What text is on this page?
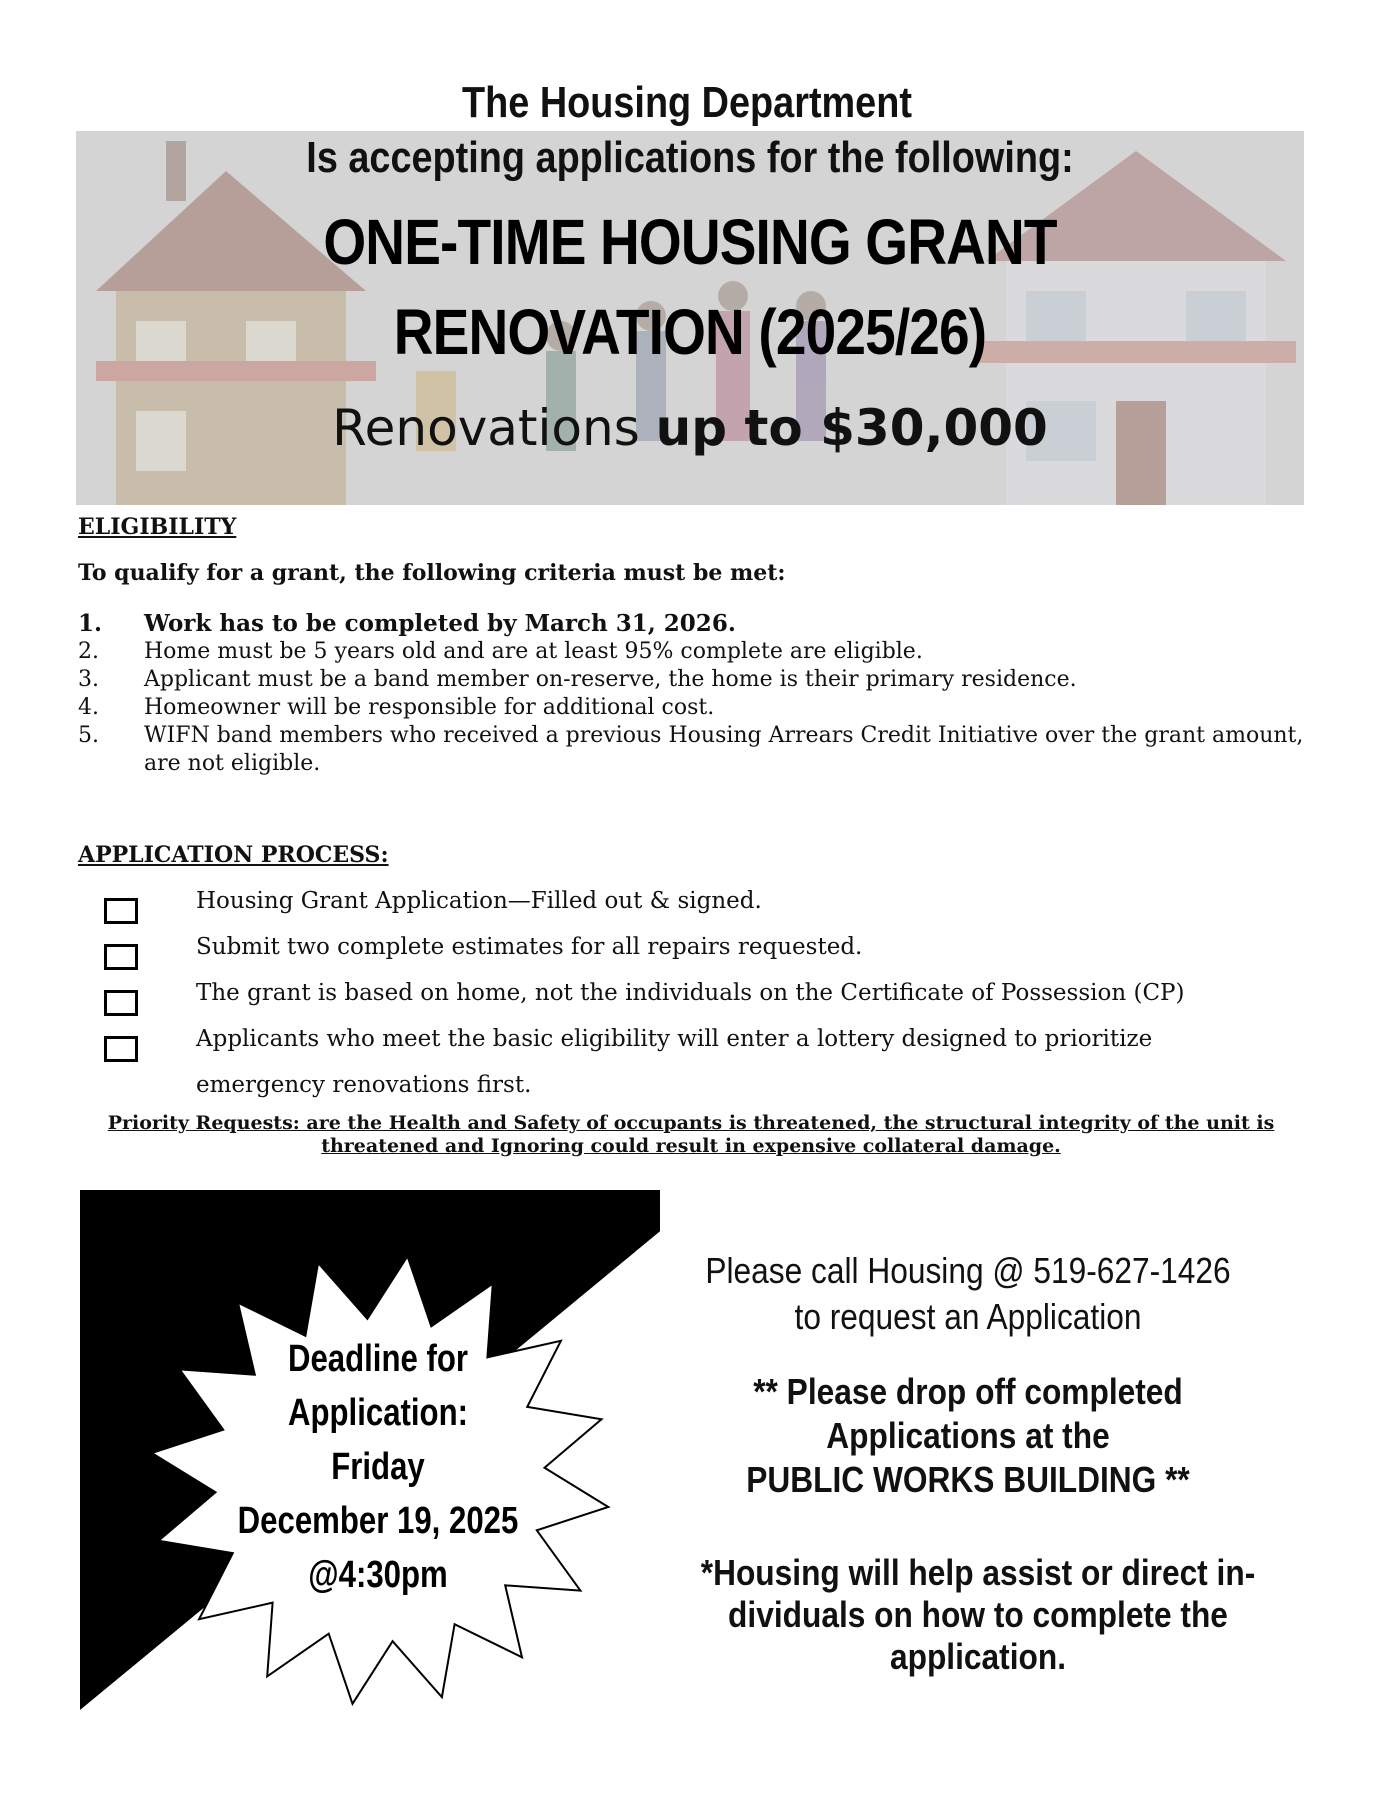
The Housing Department
Is accepting applications for the following:
ONE-TIME HOUSING GRANT
RENOVATION (2025/26)
Renovations up to $30,000
ELIGIBILITY
To qualify for a grant, the following criteria must be met:
1. Work has to be completed by March 31, 2026.
2. Home must be 5 years old and are at least 95% complete are eligible.
3. Applicant must be a band member on-reserve, the home is their primary residence.
4. Homeowner will be responsible for additional cost.
5. WIFN band members who received a previous Housing Arrears Credit Initiative over the grant amount, are not eligible.
APPLICATION PROCESS:
Housing Grant Application—Filled out & signed.
Submit two complete estimates for all repairs requested.
The grant is based on home, not the individuals on the Certificate of Possession (CP)
Applicants who meet the basic eligibility will enter a lottery designed to prioritize
emergency renovations first.
Priority Requests: are the Health and Safety of occupants is threatened, the structural integrity of the unit is threatened and Ignoring could result in expensive collateral damage.
Deadline for
Application:
Friday
December 19, 2025
@4:30pm
Please call Housing @ 519-627-1426
to request an Application
** Please drop off completed
Applications at the
PUBLIC WORKS BUILDING **
*Housing will help assist or direct in-
dividuals on how to complete the
application.
